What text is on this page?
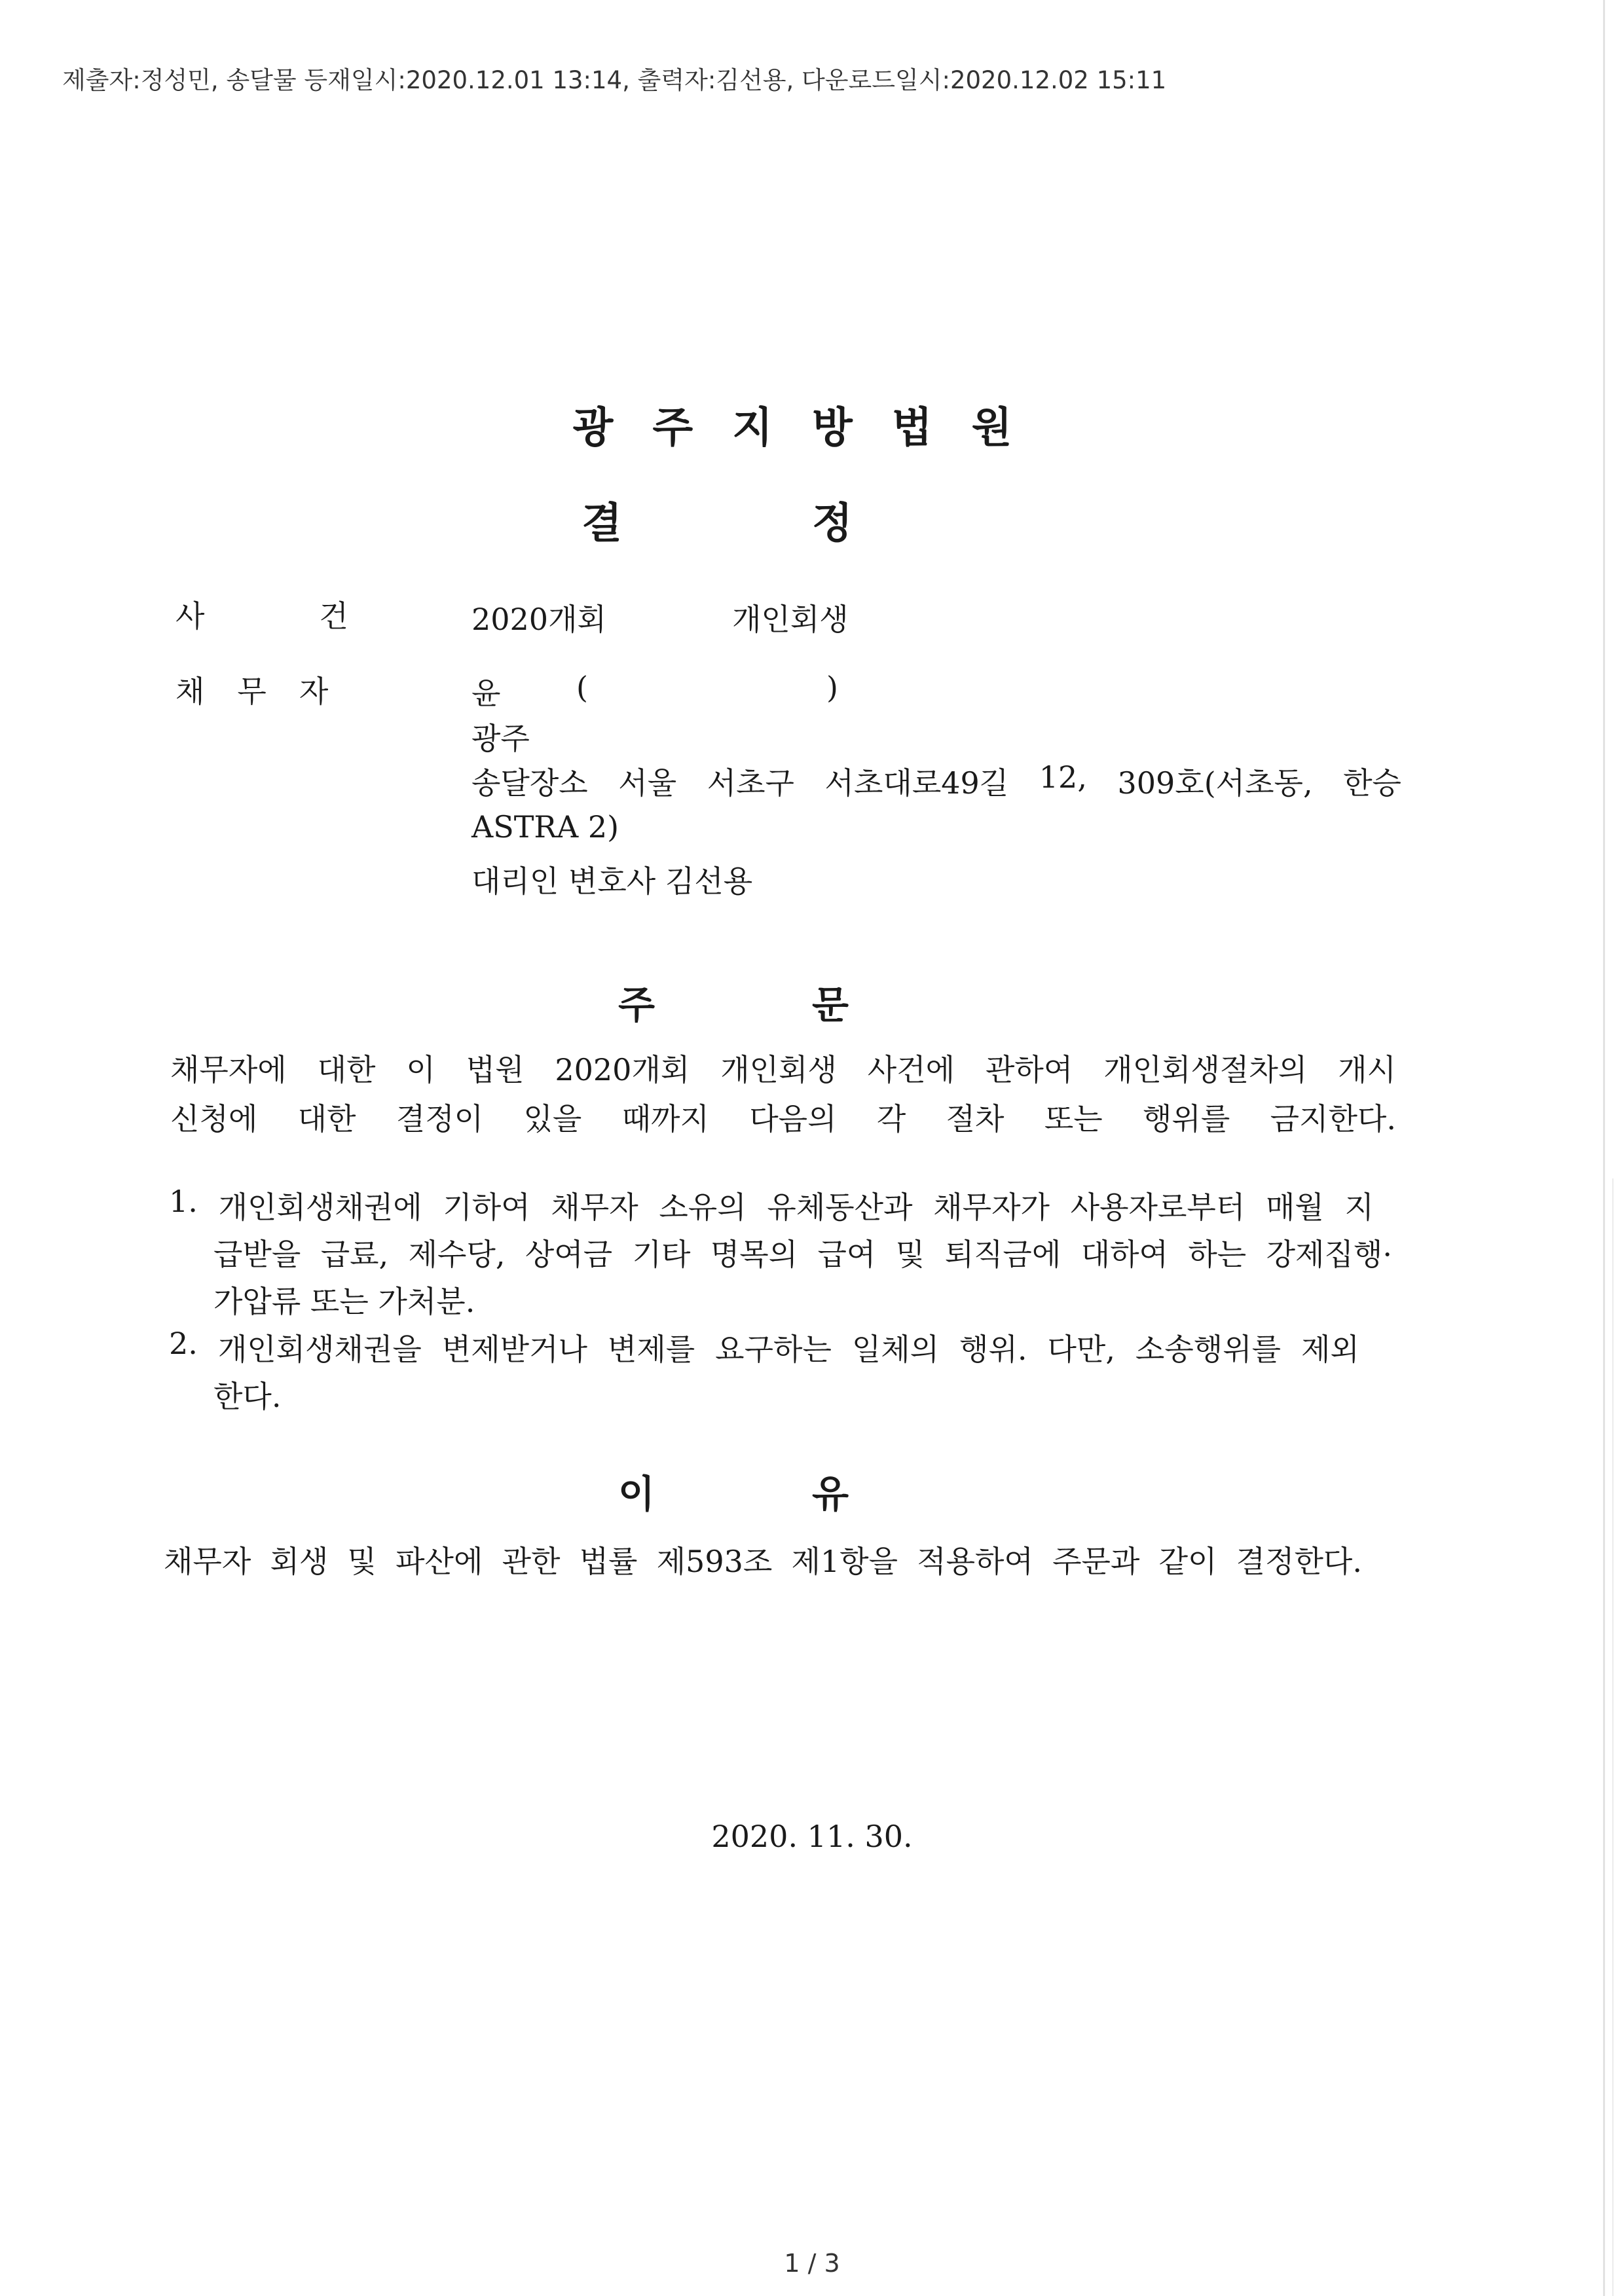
제출자:정성민, 송달물 등재일시:2020.12.01 13:14, 출력자:김선용, 다운로드일시:2020.12.02 15:11
광주지방법원
결정
사건 2020개회	개인회생
채무자	윤	(	)
광주
송달장소 서울 서초구 서초대로49길 12, 309호(서초동, 한승
ASTRA 2)
대리인 변호사 김선용
주문
채무자에 대한 이 법원 2020개회 개인회생 사건에 관하여 개인회생절차의 개시
신청에 대한 결정이 있을 때까지 다음의 각 절차 또는 행위를 금지한다.
1. 개인회생채권에 기하여 채무자 소유의 유체동산과 채무자가 사용자로부터 매월 지
급받을 급료, 제수당, 상여금 기타 명목의 급여 및 퇴직금에 대하여 하는 강제집행·
가압류 또는 가처분.
2. 개인회생채권을 변제받거나 변제를 요구하는 일체의 행위. 다만, 소송행위를 제외
한다.
이유
채무자 회생 및 파산에 관한 법률 제593조 제1항을 적용하여 주문과 같이 결정한다.
2020. 11. 30.
1 / 3
